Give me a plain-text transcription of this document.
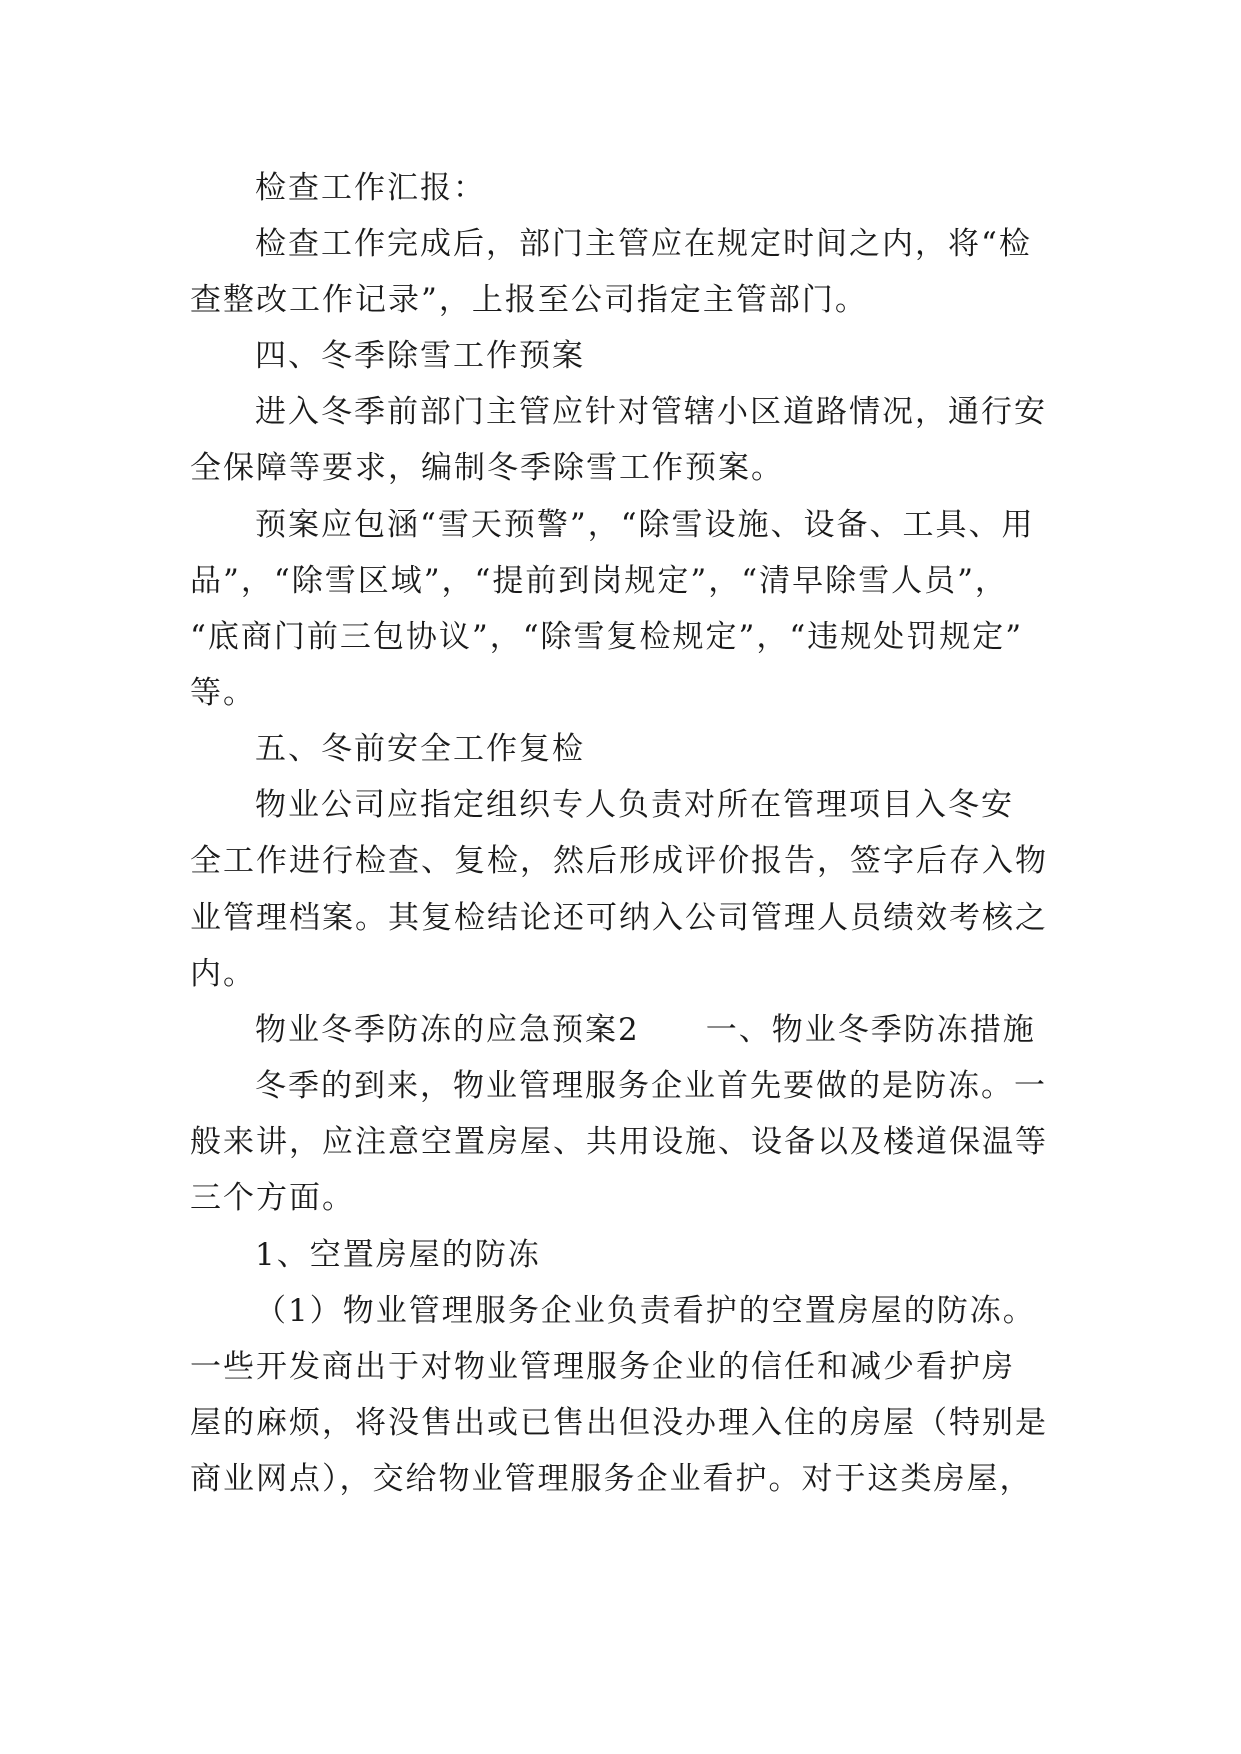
检查工作汇报：
检查工作完成后，部门主管应在规定时间之内，将“检
查整改工作记录”，上报至公司指定主管部门。
四、冬季除雪工作预案
进入冬季前部门主管应针对管辖小区道路情况，通行安
全保障等要求，编制冬季除雪工作预案。
预案应包涵“雪天预警”，“除雪设施、设备、工具、用
品”，“除雪区域”，“提前到岗规定”，“清早除雪人员”，
“底商门前三包协议”，“除雪复检规定”，“违规处罚规定”
等。
五、冬前安全工作复检
物业公司应指定组织专人负责对所在管理项目入冬安
全工作进行检查、复检，然后形成评价报告，签字后存入物
业管理档案。其复检结论还可纳入公司管理人员绩效考核之
内。
物业冬季防冻的应急预案2　　一、物业冬季防冻措施
冬季的到来，物业管理服务企业首先要做的是防冻。一
般来讲，应注意空置房屋、共用设施、设备以及楼道保温等
三个方面。
1、空置房屋的防冻
（1）物业管理服务企业负责看护的空置房屋的防冻。
一些开发商出于对物业管理服务企业的信任和减少看护房
屋的麻烦，将没售出或已售出但没办理入住的房屋（特别是
商业网点），交给物业管理服务企业看护。对于这类房屋，
